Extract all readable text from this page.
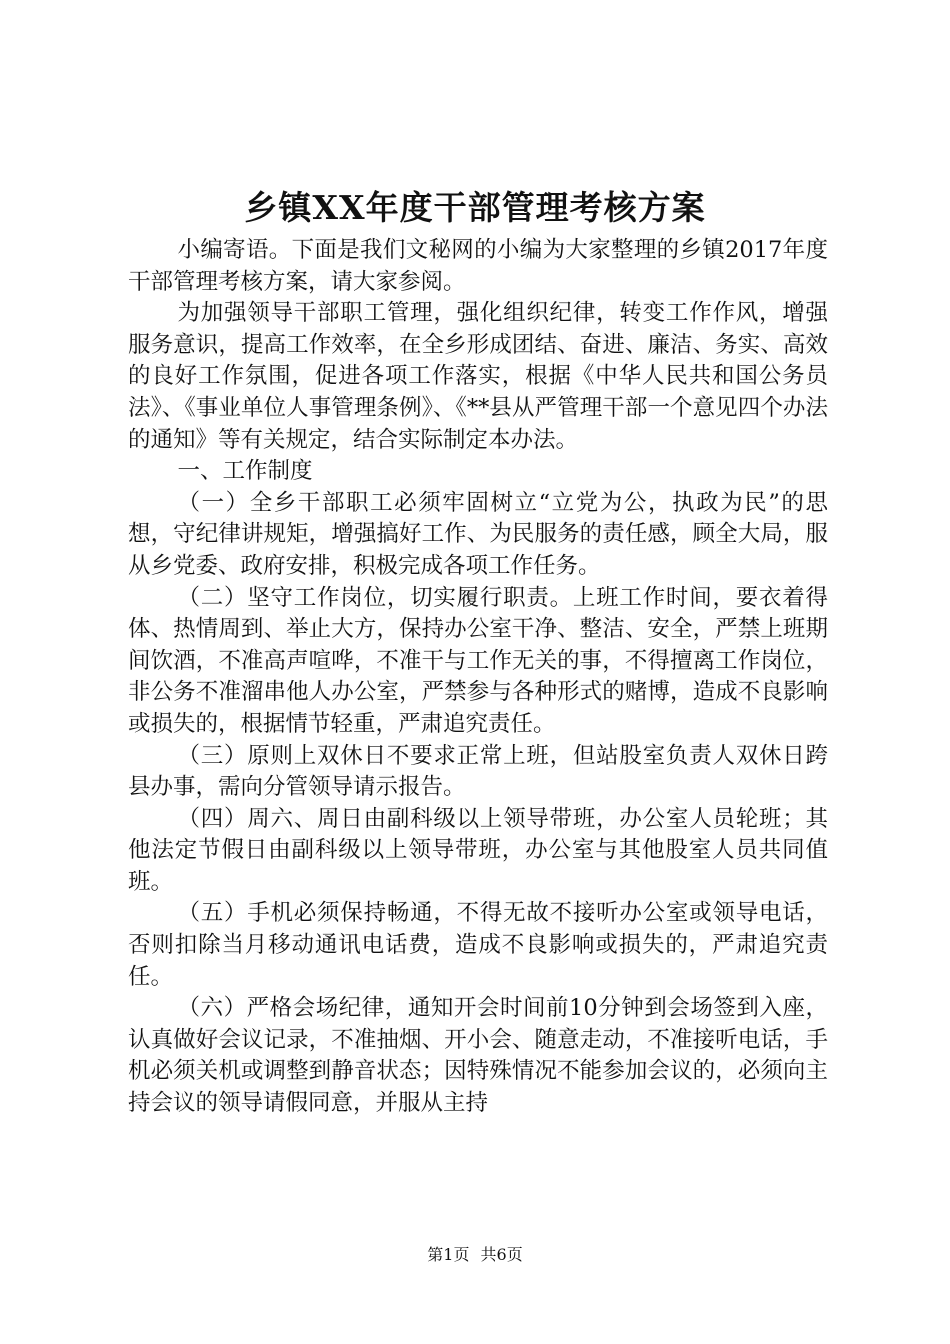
乡镇XX年度干部管理考核方案

小编寄语。下面是我们文秘网的小编为大家整理的乡镇2017年度干部管理考核方案，请大家参阅。

为加强领导干部职工管理，强化组织纪律，转变工作作风，增强服务意识，提高工作效率，在全乡形成团结、奋进、廉洁、务实、高效的良好工作氛围，促进各项工作落实，根据《中华人民共和国公务员法》、《事业单位人事管理条例》、《**县从严管理干部一个意见四个办法的通知》等有关规定，结合实际制定本办法。

一、工作制度

（一）全乡干部职工必须牢固树立“立党为公，执政为民”的思想，守纪律讲规矩，增强搞好工作、为民服务的责任感，顾全大局，服从乡党委、政府安排，积极完成各项工作任务。

（二）坚守工作岗位，切实履行职责。上班工作时间，要衣着得体、热情周到、举止大方，保持办公室干净、整洁、安全，严禁上班期间饮酒，不准高声喧哗，不准干与工作无关的事，不得擅离工作岗位，非公务不准溜串他人办公室，严禁参与各种形式的赌博，造成不良影响或损失的，根据情节轻重，严肃追究责任。

（三）原则上双休日不要求正常上班，但站股室负责人双休日跨县办事，需向分管领导请示报告。

（四）周六、周日由副科级以上领导带班，办公室人员轮班；其他法定节假日由副科级以上领导带班，办公室与其他股室人员共同值班。

（五）手机必须保持畅通，不得无故不接听办公室或领导电话，否则扣除当月移动通讯电话费，造成不良影响或损失的，严肃追究责任。

（六）严格会场纪律，通知开会时间前10分钟到会场签到入座，认真做好会议记录，不准抽烟、开小会、随意走动，不准接听电话，手机必须关机或调整到静音状态；因特殊情况不能参加会议的，必须向主持会议的领导请假同意，并服从主持

第1页 共6页
